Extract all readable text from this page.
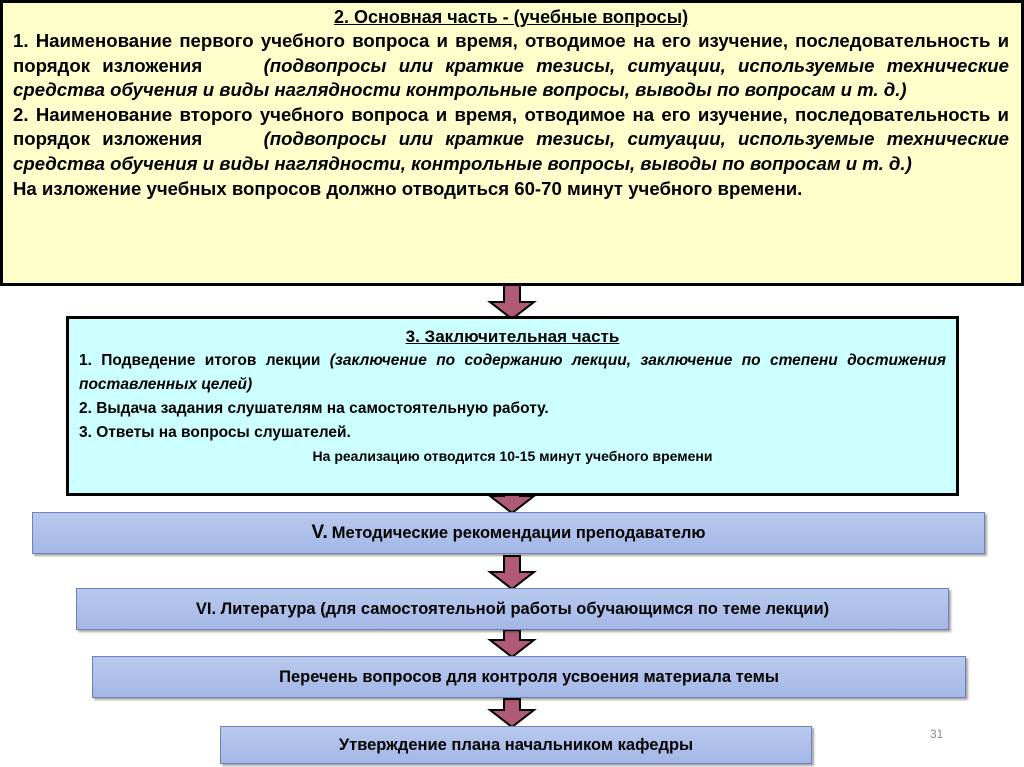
2. Основная часть - (учебные вопросы)
1. Наименование первого учебного вопроса и время, отводимое на его изучение, последовательность и порядок изложения	(подвопросы или краткие тезисы, ситуации, используемые технические средства обучения и виды наглядности контрольные вопросы, выводы по вопросам и т. д.)
2. Наименование второго учебного вопроса и время, отводимое на его изучение, последовательность и порядок изложения	(подвопросы или краткие тезисы, ситуации, используемые технические средства обучения и виды наглядности, контрольные вопросы, выводы по вопросам и т. д.)
На изложение учебных вопросов должно отводиться 60-70 минут учебного времени.
3. Заключительная часть
1. Подведение итогов лекции (заключение по содержанию лекции, заключение по степени достижения поставленных целей)
2. Выдача задания слушателям на самостоятельную работу.
3. Ответы на вопросы слушателей.
На реализацию отводится 10-15 минут учебного времени
V. Методические рекомендации преподавателю
VI. Литература (для самостоятельной работы обучающимся по теме лекции)
Перечень вопросов для контроля усвоения материала темы
Утверждение плана начальником кафедры
31
